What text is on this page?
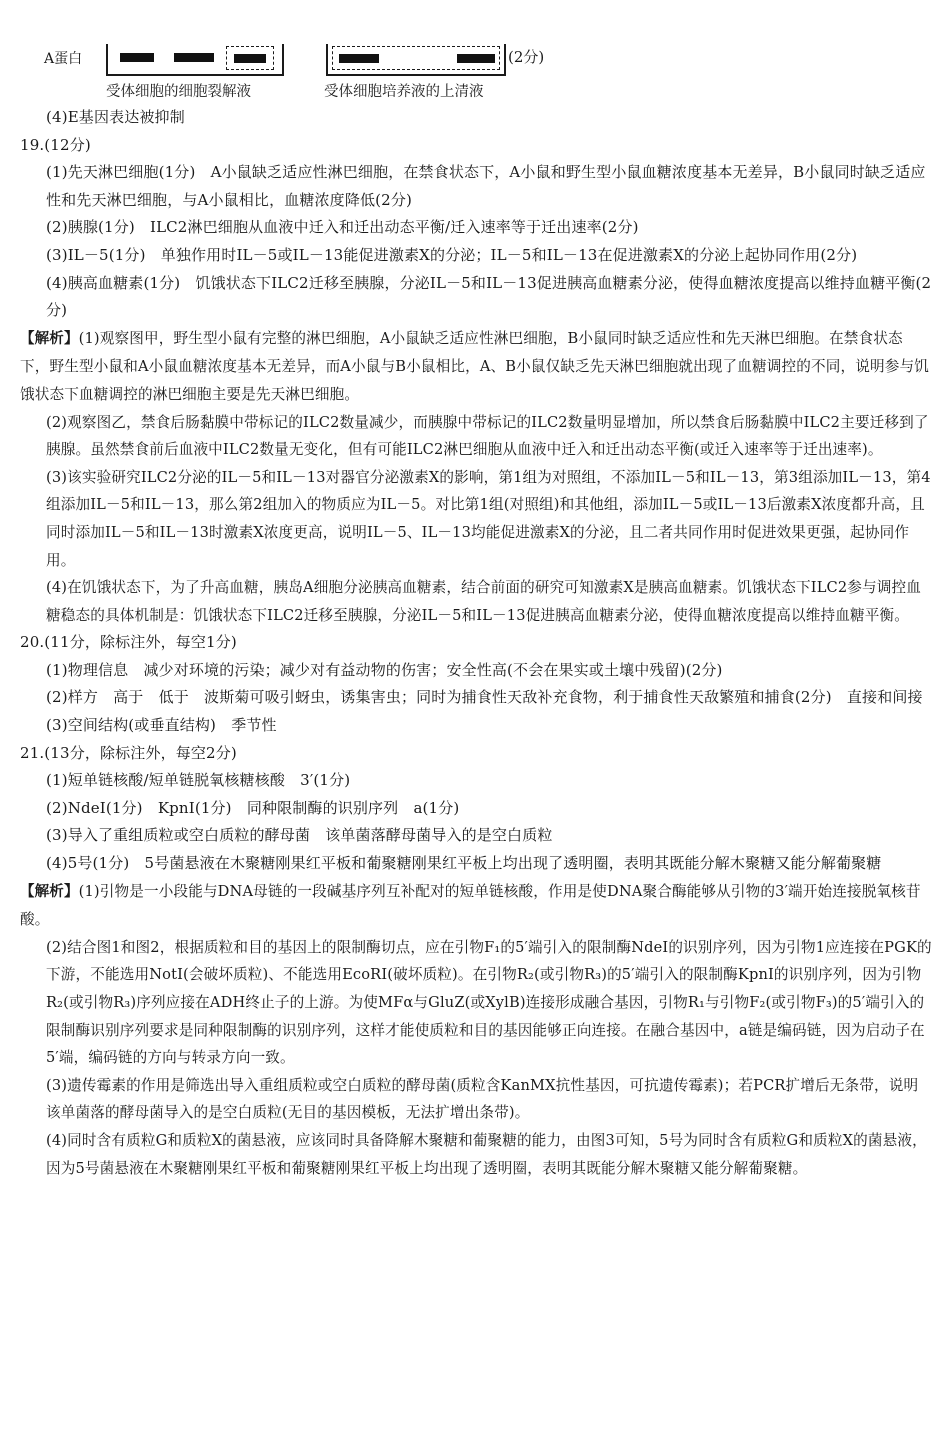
A蛋白	(2分)
受体细胞的细胞裂解液	受体细胞培养液的上清液

(4)E基因表达被抑制

19.(12分)

(1)先天淋巴细胞(1分)　A小鼠缺乏适应性淋巴细胞，在禁食状态下，A小鼠和野生型小鼠血糖浓度基本无差异，B小鼠同时缺乏适应性和先天淋巴细胞，与A小鼠相比，血糖浓度降低(2分)

(2)胰腺(1分)　ILC2淋巴细胞从血液中迁入和迁出动态平衡/迁入速率等于迁出速率(2分)

(3)IL－5(1分)　单独作用时IL－5或IL－13能促进激素X的分泌；IL－5和IL－13在促进激素X的分泌上起协同作用(2分)

(4)胰高血糖素(1分)　饥饿状态下ILC2迁移至胰腺，分泌IL－5和IL－13促进胰高血糖素分泌，使得血糖浓度提高以维持血糖平衡(2分)

【解析】(1)观察图甲，野生型小鼠有完整的淋巴细胞，A小鼠缺乏适应性淋巴细胞，B小鼠同时缺乏适应性和先天淋巴细胞。在禁食状态下，野生型小鼠和A小鼠血糖浓度基本无差异，而A小鼠与B小鼠相比，A、B小鼠仅缺乏先天淋巴细胞就出现了血糖调控的不同，说明参与饥饿状态下血糖调控的淋巴细胞主要是先天淋巴细胞。

(2)观察图乙，禁食后肠黏膜中带标记的ILC2数量减少，而胰腺中带标记的ILC2数量明显增加，所以禁食后肠黏膜中ILC2主要迁移到了胰腺。虽然禁食前后血液中ILC2数量无变化，但有可能ILC2淋巴细胞从血液中迁入和迁出动态平衡(或迁入速率等于迁出速率)。

(3)该实验研究ILC2分泌的IL－5和IL－13对器官分泌激素X的影响，第1组为对照组，不添加IL－5和IL－13，第3组添加IL－13，第4组添加IL－5和IL－13，那么第2组加入的物质应为IL－5。对比第1组(对照组)和其他组，添加IL－5或IL－13后激素X浓度都升高，且同时添加IL－5和IL－13时激素X浓度更高，说明IL－5、IL－13均能促进激素X的分泌，且二者共同作用时促进效果更强，起协同作用。

(4)在饥饿状态下，为了升高血糖，胰岛A细胞分泌胰高血糖素，结合前面的研究可知激素X是胰高血糖素。饥饿状态下ILC2参与调控血糖稳态的具体机制是：饥饿状态下ILC2迁移至胰腺，分泌IL－5和IL－13促进胰高血糖素分泌，使得血糖浓度提高以维持血糖平衡。

20.(11分，除标注外，每空1分)

(1)物理信息　减少对环境的污染；减少对有益动物的伤害；安全性高(不会在果实或土壤中残留)(2分)

(2)样方　高于　低于　波斯菊可吸引蚜虫，诱集害虫；同时为捕食性天敌补充食物，利于捕食性天敌繁殖和捕食(2分)　直接和间接

(3)空间结构(或垂直结构)　季节性

21.(13分，除标注外，每空2分)

(1)短单链核酸/短单链脱氧核糖核酸　3′(1分)

(2)NdeⅠ(1分)　KpnⅠ(1分)　同种限制酶的识别序列　a(1分)

(3)导入了重组质粒或空白质粒的酵母菌　该单菌落酵母菌导入的是空白质粒

(4)5号(1分)　5号菌悬液在木聚糖刚果红平板和葡聚糖刚果红平板上均出现了透明圈，表明其既能分解木聚糖又能分解葡聚糖

【解析】(1)引物是一小段能与DNA母链的一段碱基序列互补配对的短单链核酸，作用是使DNA聚合酶能够从引物的3′端开始连接脱氧核苷酸。

(2)结合图1和图2，根据质粒和目的基因上的限制酶切点，应在引物F₁的5′端引入的限制酶NdeⅠ的识别序列，因为引物1应连接在PGK的下游，不能选用NotⅠ(会破坏质粒)、不能选用EcoRⅠ(破坏质粒)。在引物R₂(或引物R₃)的5′端引入的限制酶KpnⅠ的识别序列，因为引物R₂(或引物R₃)序列应接在ADH终止子的上游。为使MFα与GluZ(或XylB)连接形成融合基因，引物R₁与引物F₂(或引物F₃)的5′端引入的限制酶识别序列要求是同种限制酶的识别序列，这样才能使质粒和目的基因能够正向连接。在融合基因中，a链是编码链，因为启动子在5′端，编码链的方向与转录方向一致。

(3)遗传霉素的作用是筛选出导入重组质粒或空白质粒的酵母菌(质粒含KanMX抗性基因，可抗遗传霉素)；若PCR扩增后无条带，说明该单菌落的酵母菌导入的是空白质粒(无目的基因模板，无法扩增出条带)。

(4)同时含有质粒G和质粒X的菌悬液，应该同时具备降解木聚糖和葡聚糖的能力，由图3可知，5号为同时含有质粒G和质粒X的菌悬液，因为5号菌悬液在木聚糖刚果红平板和葡聚糖刚果红平板上均出现了透明圈，表明其既能分解木聚糖又能分解葡聚糖。
